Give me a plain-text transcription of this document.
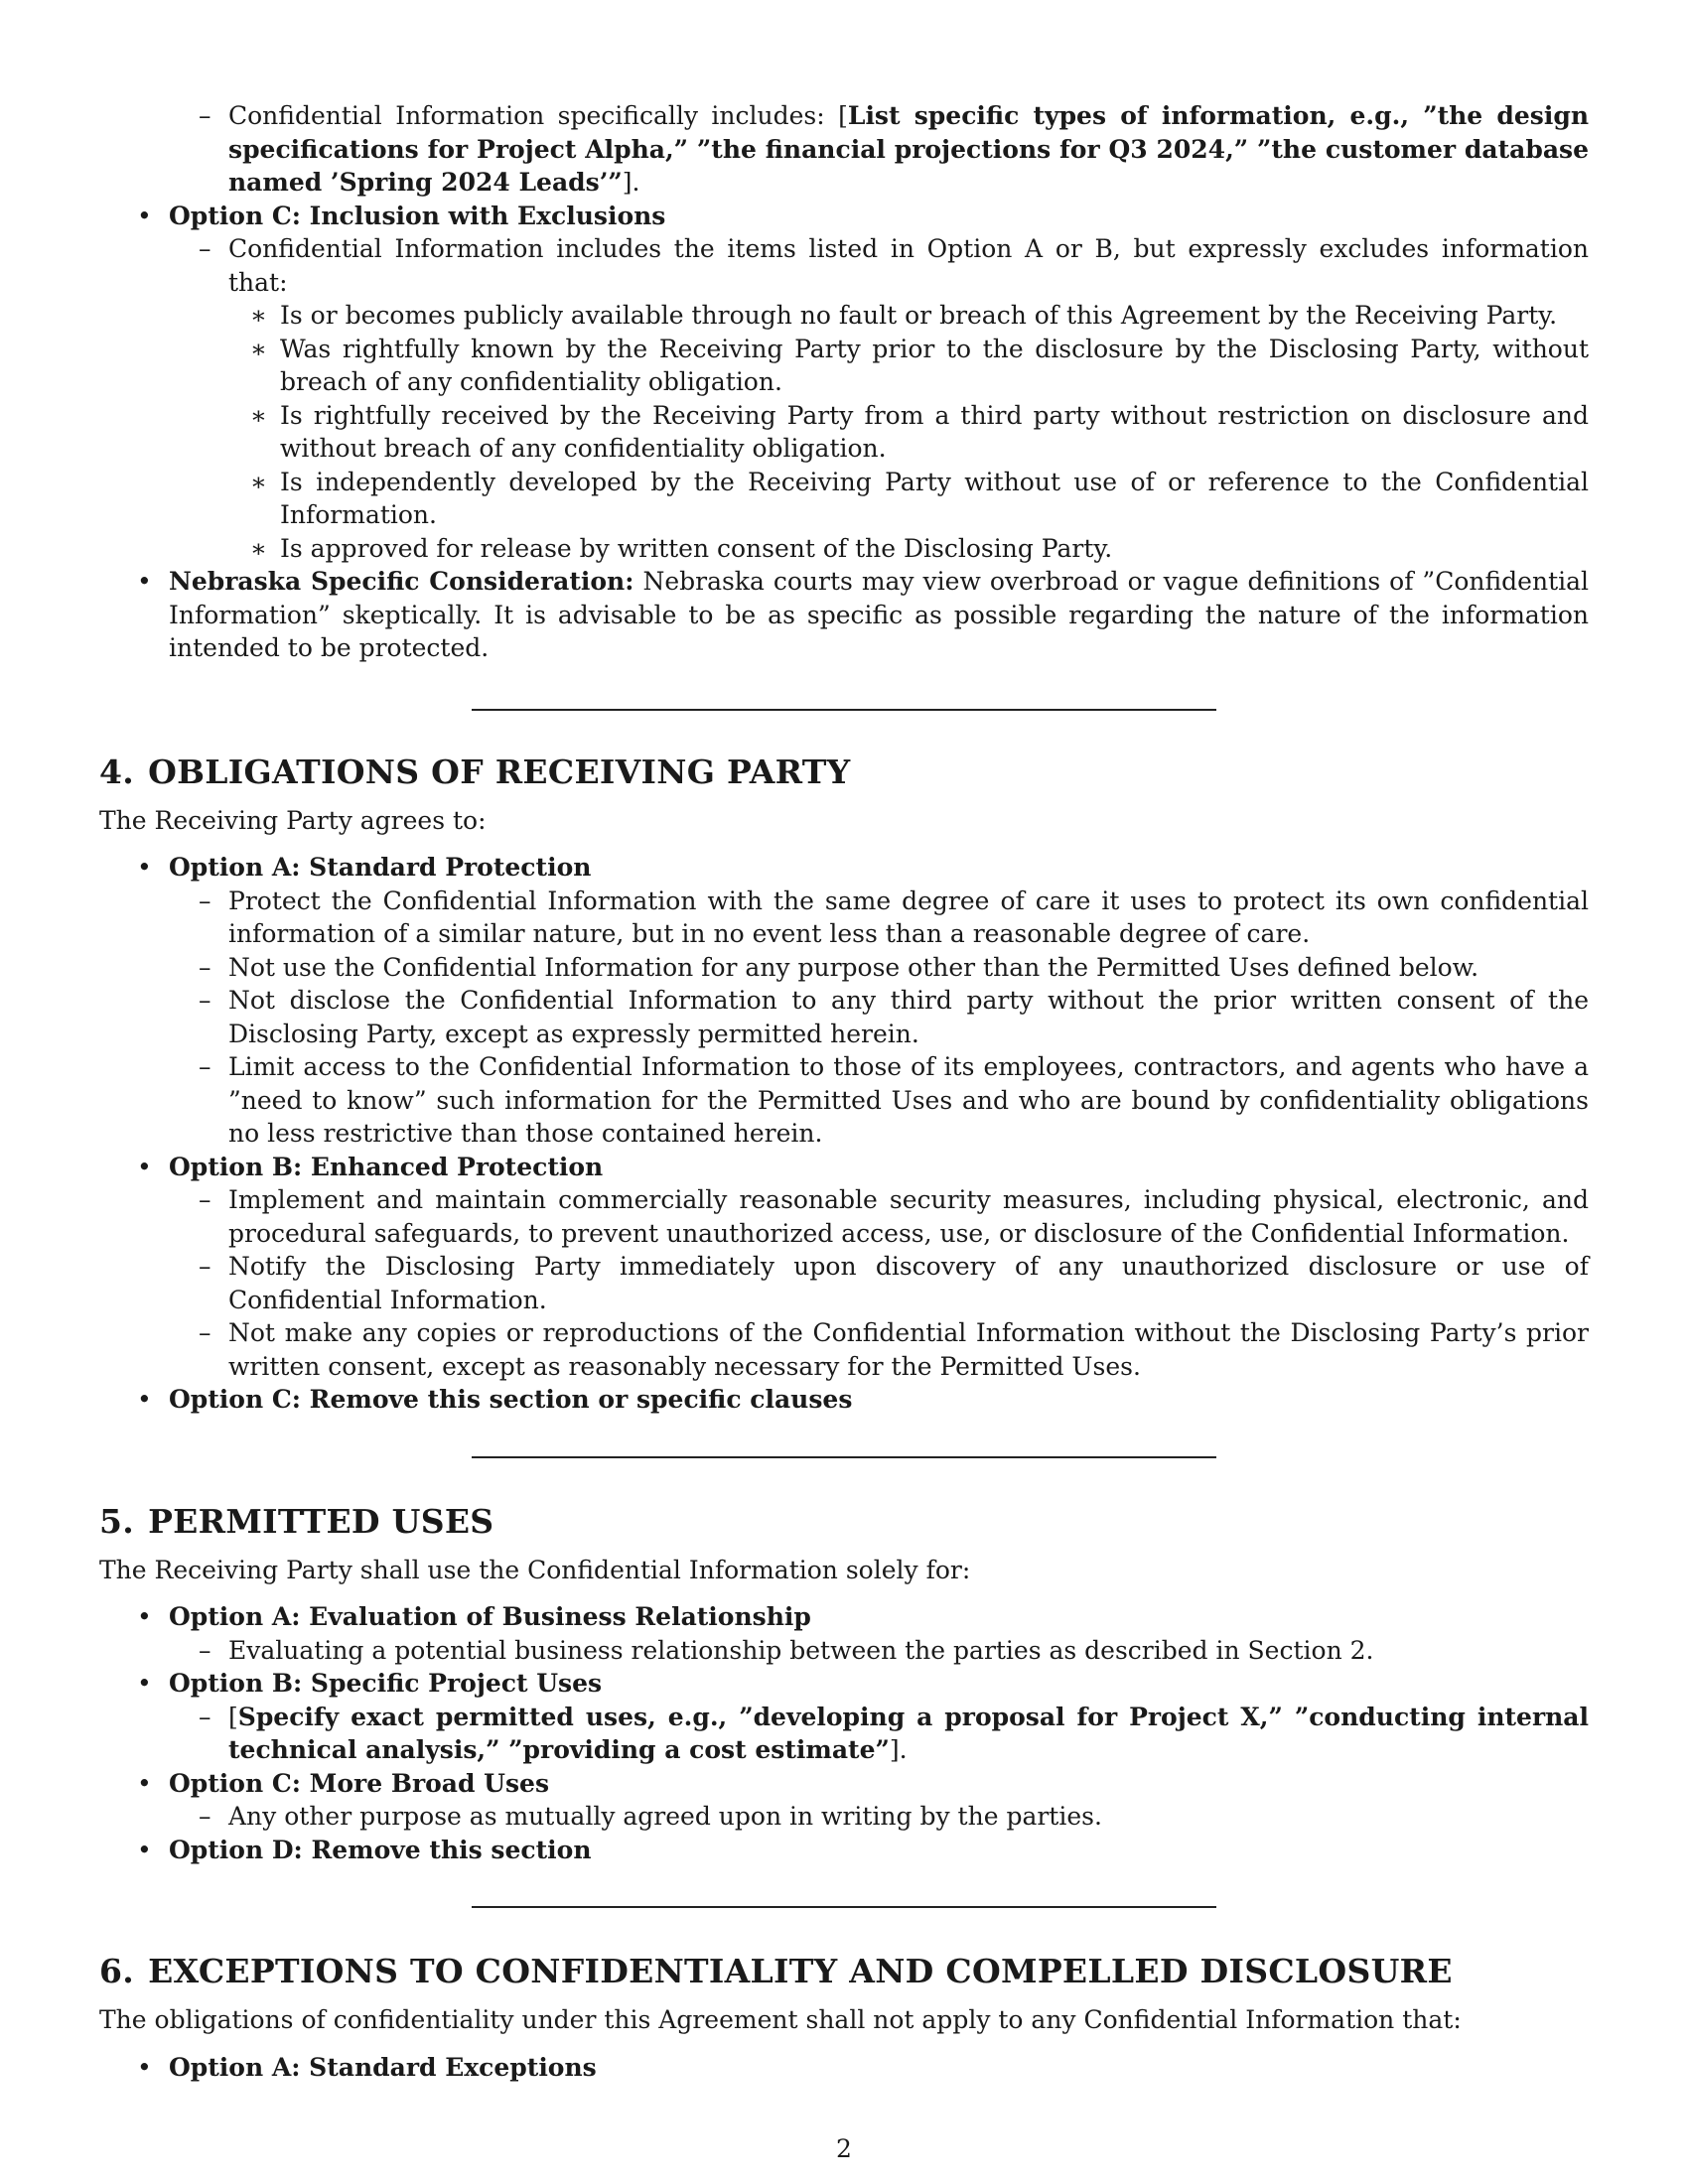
– Confidential Information specifically includes: [List specific types of information, e.g., ”the design specifications for Project Alpha,” ”the financial projections for Q3 2024,” ”the customer database named ’Spring 2024 Leads’”].
• Option C: Inclusion with Exclusions
– Confidential Information includes the items listed in Option A or B, but expressly excludes information that:
∗ Is or becomes publicly available through no fault or breach of this Agreement by the Receiving Party.
∗ Was rightfully known by the Receiving Party prior to the disclosure by the Disclosing Party, without breach of any confidentiality obligation.
∗ Is rightfully received by the Receiving Party from a third party without restriction on disclosure and without breach of any confidentiality obligation.
∗ Is independently developed by the Receiving Party without use of or reference to the Confidential Information.
∗ Is approved for release by written consent of the Disclosing Party.
• Nebraska Specific Consideration: Nebraska courts may view overbroad or vague definitions of ”Confidential Information” skeptically. It is advisable to be as specific as possible regarding the nature of the information intended to be protected.
4. OBLIGATIONS OF RECEIVING PARTY

The Receiving Party agrees to:

• Option A: Standard Protection
– Protect the Confidential Information with the same degree of care it uses to protect its own confidential information of a similar nature, but in no event less than a reasonable degree of care.
– Not use the Confidential Information for any purpose other than the Permitted Uses defined below.
– Not disclose the Confidential Information to any third party without the prior written consent of the Disclosing Party, except as expressly permitted herein.
– Limit access to the Confidential Information to those of its employees, contractors, and agents who have a ”need to know” such information for the Permitted Uses and who are bound by confidentiality obligations no less restrictive than those contained herein.
• Option B: Enhanced Protection
– Implement and maintain commercially reasonable security measures, including physical, electronic, and procedural safeguards, to prevent unauthorized access, use, or disclosure of the Confidential Information.
– Notify the Disclosing Party immediately upon discovery of any unauthorized disclosure or use of Confidential Information.
– Not make any copies or reproductions of the Confidential Information without the Disclosing Party’s prior written consent, except as reasonably necessary for the Permitted Uses.
• Option C: Remove this section or specific clauses
5. PERMITTED USES

The Receiving Party shall use the Confidential Information solely for:

• Option A: Evaluation of Business Relationship
– Evaluating a potential business relationship between the parties as described in Section 2.
• Option B: Specific Project Uses
– [Specify exact permitted uses, e.g., ”developing a proposal for Project X,” ”conducting internal technical analysis,” ”providing a cost estimate”].
• Option C: More Broad Uses
– Any other purpose as mutually agreed upon in writing by the parties.
• Option D: Remove this section
6. EXCEPTIONS TO CONFIDENTIALITY AND COMPELLED DISCLOSURE

The obligations of confidentiality under this Agreement shall not apply to any Confidential Information that:

• Option A: Standard Exceptions
2
